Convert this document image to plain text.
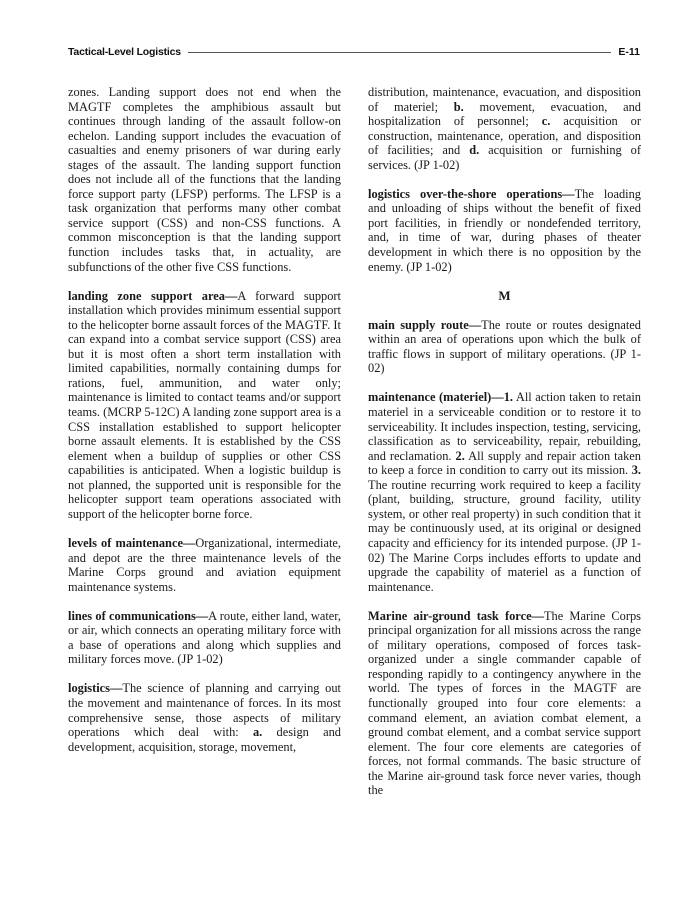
Tactical-Level Logistics	E-11

zones. Landing support does not end when the MAGTF completes the amphibious assault but continues through landing of the assault follow-on echelon. Landing support includes the evacuation of casualties and enemy prisoners of war during early stages of the assault. The landing support function does not include all of the functions that the landing force support party (LFSP) performs. The LFSP is a task organization that performs many other combat service support (CSS) and non-CSS functions. A common misconception is that the landing support function includes tasks that, in actuality, are subfunctions of the other five CSS functions.

landing zone support area—A forward support installation which provides minimum essential support to the helicopter borne assault forces of the MAGTF. It can expand into a combat service support (CSS) area but it is most often a short term installation with limited capabilities, normally containing dumps for rations, fuel, ammunition, and water only; maintenance is limited to contact teams and/or support teams. (MCRP 5-12C) A landing zone support area is a CSS installation established to support helicopter borne assault elements. It is established by the CSS element when a buildup of supplies or other CSS capabilities is anticipated. When a logistic buildup is not planned, the supported unit is responsible for the helicopter support team operations associated with support of the helicopter borne force.

levels of maintenance—Organizational, intermediate, and depot are the three maintenance levels of the Marine Corps ground and aviation equipment maintenance systems.

lines of communications—A route, either land, water, or air, which connects an operating military force with a base of operations and along which supplies and military forces move. (JP 1-02)

logistics—The science of planning and carrying out the movement and maintenance of forces. In its most comprehensive sense, those aspects of military operations which deal with: a. design and development, acquisition, storage, movement,

distribution, maintenance, evacuation, and disposition of materiel; b. movement, evacuation, and hospitalization of personnel; c. acquisition or construction, maintenance, operation, and disposition of facilities; and d. acquisition or furnishing of services. (JP 1-02)

logistics over-the-shore operations—The loading and unloading of ships without the benefit of fixed port facilities, in friendly or nondefended territory, and, in time of war, during phases of theater development in which there is no opposition by the enemy. (JP 1-02)

M

main supply route—The route or routes designated within an area of operations upon which the bulk of traffic flows in support of military operations. (JP 1-02)

maintenance (materiel)—1. All action taken to retain materiel in a serviceable condition or to restore it to serviceability. It includes inspection, testing, servicing, classification as to serviceability, repair, rebuilding, and reclamation. 2. All supply and repair action taken to keep a force in condition to carry out its mission. 3. The routine recurring work required to keep a facility (plant, building, structure, ground facility, utility system, or other real property) in such condition that it may be continuously used, at its original or designed capacity and efficiency for its intended purpose. (JP 1-02) The Marine Corps includes efforts to update and upgrade the capability of materiel as a function of maintenance.

Marine air-ground task force—The Marine Corps principal organization for all missions across the range of military operations, composed of forces task-organized under a single commander capable of responding rapidly to a contingency anywhere in the world. The types of forces in the MAGTF are functionally grouped into four core elements: a command element, an aviation combat element, a ground combat element, and a combat service support element. The four core elements are categories of forces, not formal commands. The basic structure of the Marine air-ground task force never varies, though the
